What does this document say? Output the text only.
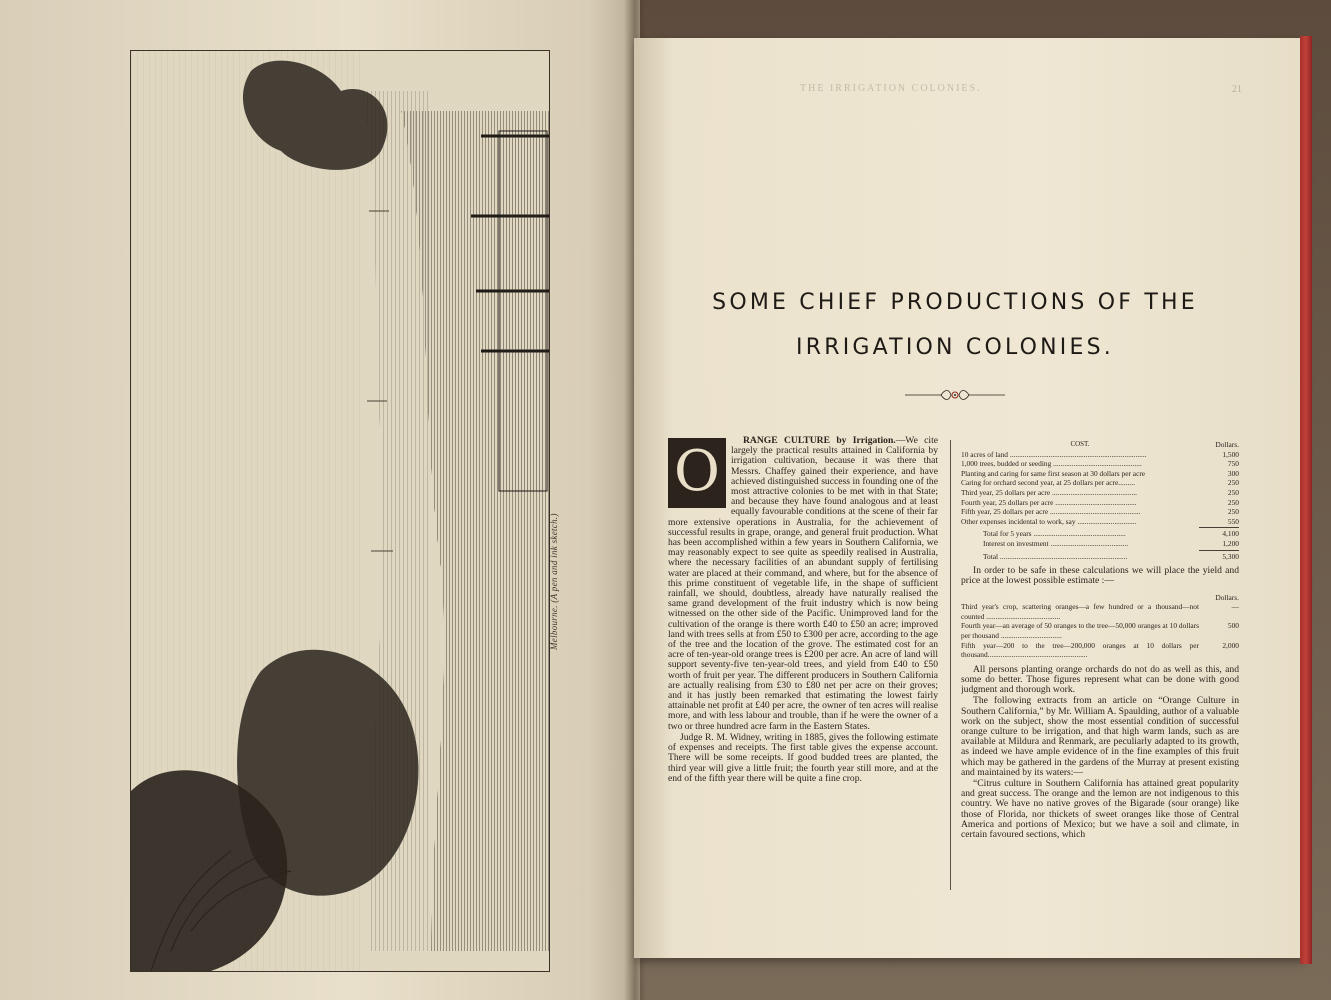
Melbourne. (A pen and ink sketch.)
THE IRRIGATION COLONIES.	21
SOME CHIEF PRODUCTIONS OF THE
IRRIGATION COLONIES.
O	RANGE CULTURE by Irrigation.—We cite largely the practical results attained in California by irrigation cultivation, because it was there that Messrs. Chaffey gained their experience, and have achieved distinguished success in founding one of the most attractive colonies to be met with in that State; and because they have found analogous and at least equally favourable conditions at the scene of their far more extensive operations in Australia, for the achievement of successful results in grape, orange, and general fruit production. What has been accomplished within a few years in Southern California, we may reasonably expect to see quite as speedily realised in Australia, where the necessary facilities of an abundant supply of fertilising water are placed at their command, and where, but for the absence of this prime constituent of vegetable life, in the shape of sufficient rainfall, we should, doubtless, already have naturally realised the same grand development of the fruit industry which is now being witnessed on the other side of the Pacific. Unimproved land for the cultivation of the orange is there worth £40 to £50 an acre; improved land with trees sells at from £50 to £300 per acre, according to the age of the tree and the location of the grove. The estimated cost for an acre of ten-year-old orange trees is £200 per acre. An acre of land will support seventy-five ten-year-old trees, and yield from £40 to £50 worth of fruit per year. The different producers in Southern California are actually realising from £30 to £80 net per acre on their groves; and it has justly been remarked that estimating the lowest fairly attainable net profit at £40 per acre, the owner of ten acres will realise more, and with less labour and trouble, than if he were the owner of a two or three hundred acre farm in the Eastern States.

Judge R. M. Widney, writing in 1885, gives the following estimate of expenses and receipts. The first table gives the expense account. There will be some receipts. If good budded trees are planted, the third year will give a little fruit; the fourth year still more, and at the end of the fifth year there will be quite a fine crop.

COST.	Dollars.
10 acres of land ..........................................................................	1,500
1,000 trees, budded or seeding ................................................	750
Planting and caring for same first season at 30 dollars per acre	300
Caring for orchard second year, at 25 dollars per acre.........	250
Third year, 25 dollars per acre ..............................................	250
Fourth year, 25 dollars per acre ............................................	250
Fifth year, 25 dollars per acre .................................................	250
Other expenses incidental to work, say ................................	550

Total for 5 years ..................................................	4,100
Interest on investment ..........................................	1,200

Total .....................................................................	5,300

In order to be safe in these calculations we will place the yield and price at the lowest possible estimate :—

	Dollars.
Third year's crop, scattering oranges—a few hundred or a thousand—not counted ........................................	—
Fourth year—an average of 50 oranges to the tree—50,000 oranges at 10 dollars per thousand .................................	500
Fifth year—200 to the tree—200,000 oranges at 10 dollars per thousand......................................................	2,000

All persons planting orange orchards do not do as well as this, and some do better. Those figures represent what can be done with good judgment and thorough work.

The following extracts from an article on “Orange Culture in Southern California,” by Mr. William A. Spaulding, author of a valuable work on the subject, show the most essential condition of successful orange culture to be irrigation, and that high warm lands, such as are available at Mildura and Renmark, are peculiarly adapted to its growth, as indeed we have ample evidence of in the fine examples of this fruit which may be gathered in the gardens of the Murray at present existing and maintained by its waters:—

“Citrus culture in Southern California has attained great popularity and great success. The orange and the lemon are not indigenous to this country. We have no native groves of the Bigarade (sour orange) like those of Florida, nor thickets of sweet oranges like those of Central America and portions of Mexico; but we have a soil and climate, in certain favoured sections, which
